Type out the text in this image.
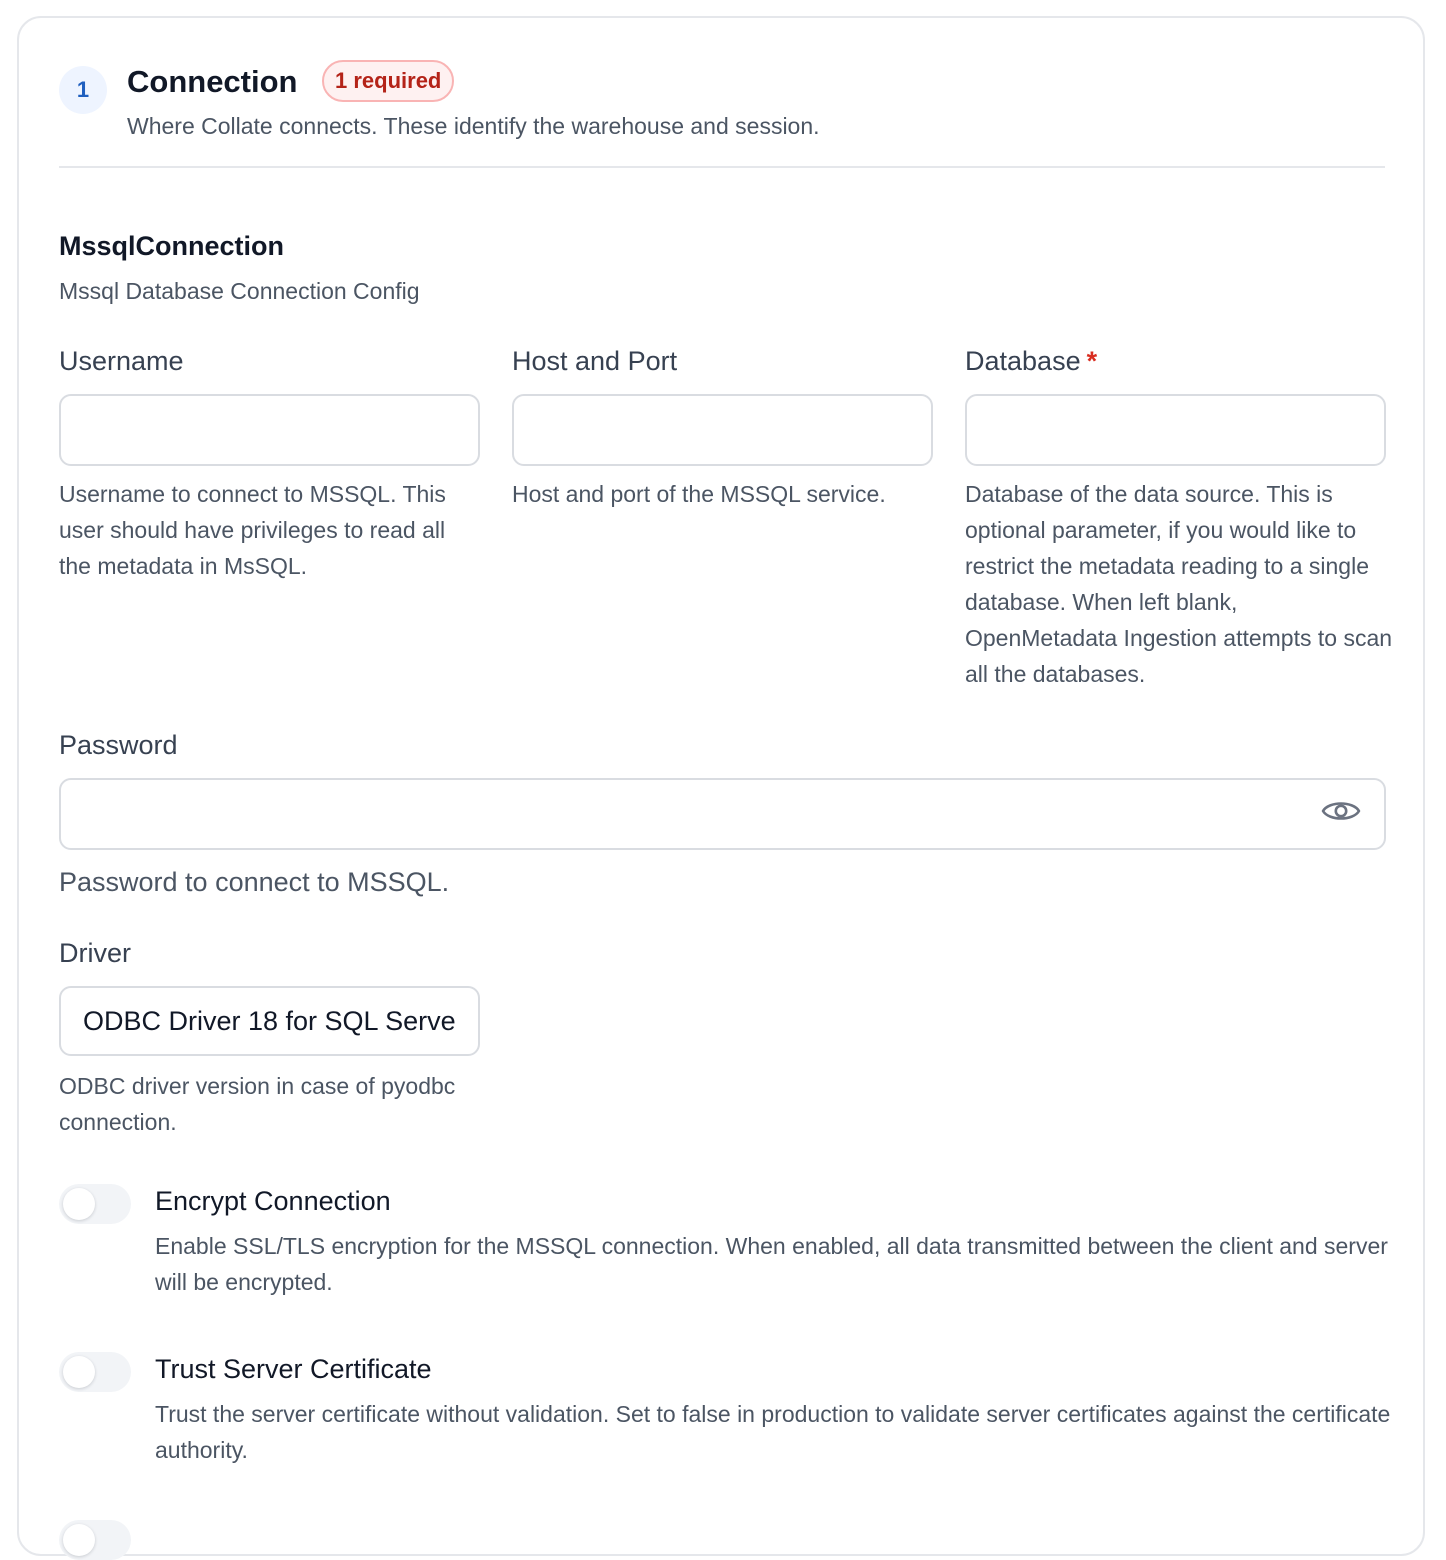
1	Connection	1 required
Where Collate connects. These identify the warehouse and session.
MssqlConnection
Mssql Database Connection Config
Username
Username to connect to MSSQL. This user should have privileges to read all the metadata in MsSQL.
Host and Port
Host and port of the MSSQL service.
Database *
Database of the data source. This is optional parameter, if you would like to restrict the metadata reading to a single database. When left blank, OpenMetadata Ingestion attempts to scan all the databases.
Password
Password to connect to MSSQL.
Driver
ODBC Driver 18 for SQL Server
ODBC driver version in case of pyodbc connection.
Encrypt Connection
Enable SSL/TLS encryption for the MSSQL connection. When enabled, all data transmitted between the client and server will be encrypted.
Trust Server Certificate
Trust the server certificate without validation. Set to false in production to validate server certificates against the certificate authority.
